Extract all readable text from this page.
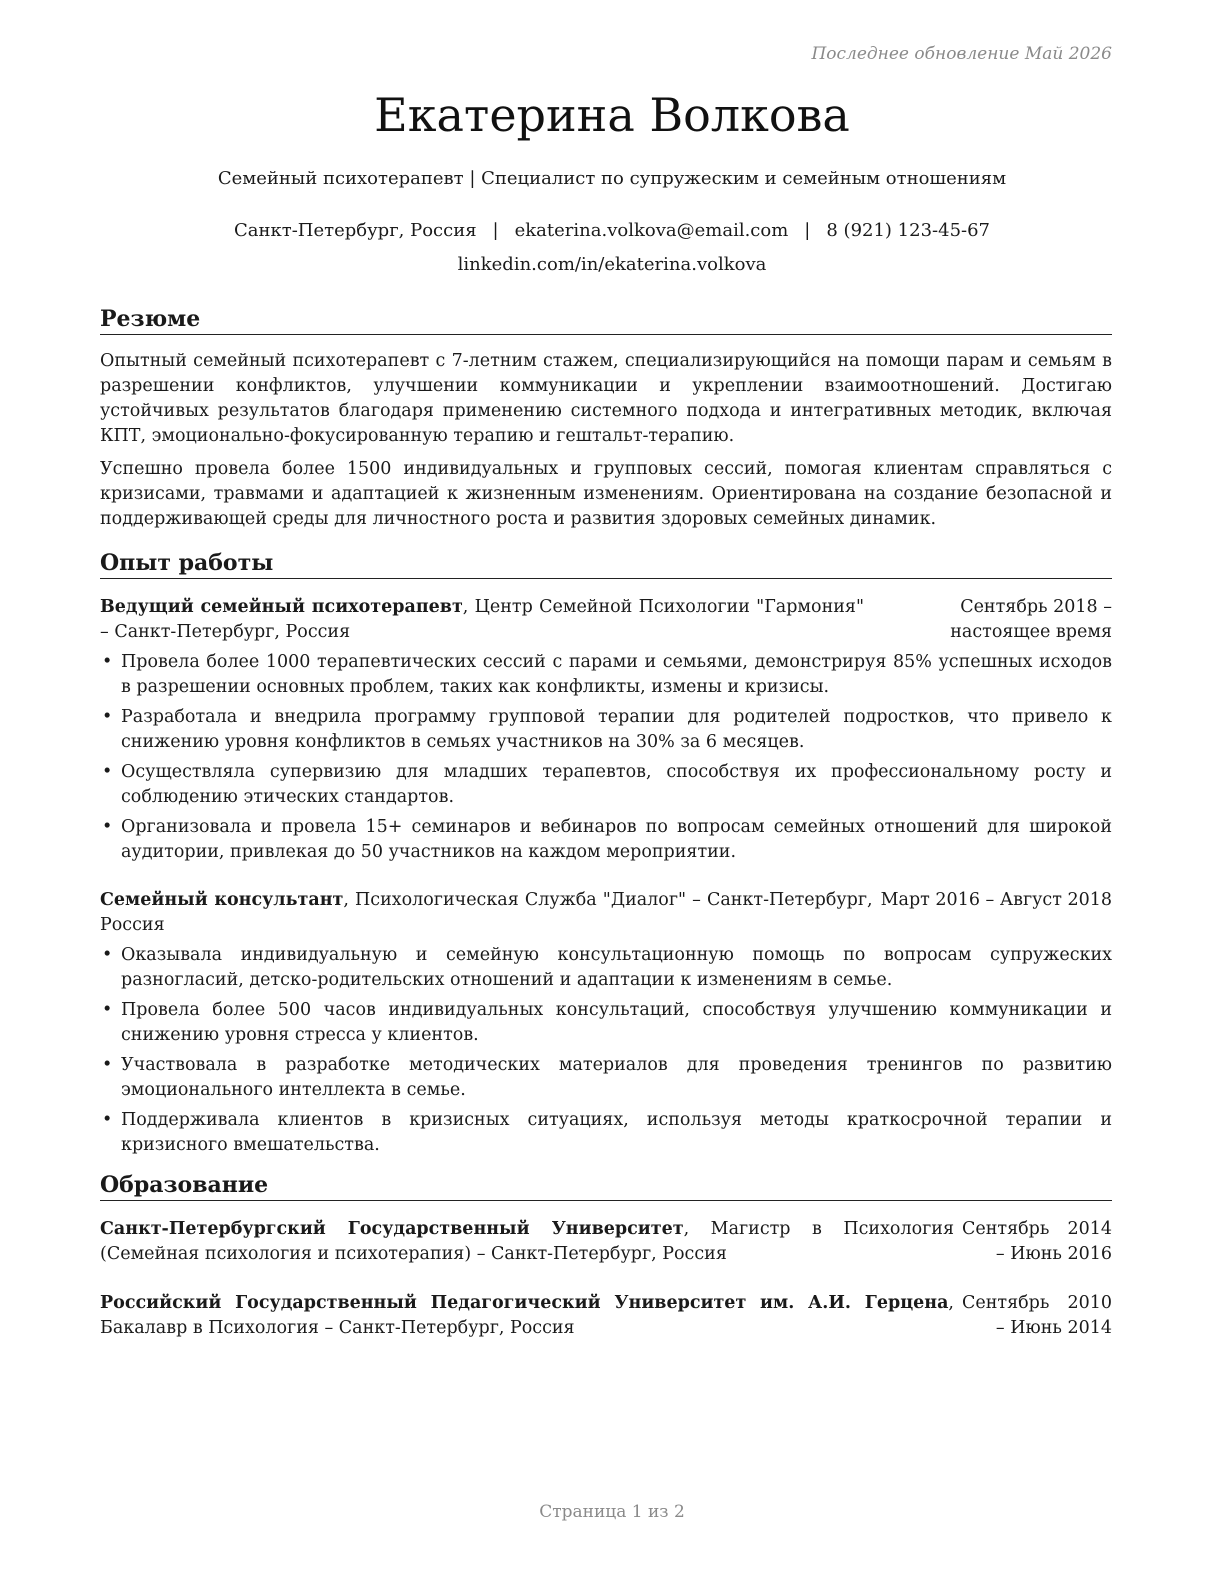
Последнее обновление Май 2026
Екатерина Волкова
Семейный психотерапевт | Специалист по супружеским и семейным отношениям
Санкт-Петербург, Россия | ekaterina.volkova@email.com | 8 (921) 123-45-67
linkedin.com/in/ekaterina.volkova
Резюме

Опытный семейный психотерапевт с 7-летним стажем, специализирующийся на помощи парам и семьям в разрешении конфликтов, улучшении коммуникации и укреплении взаимоотношений. Достигаю устойчивых результатов благодаря применению системного подхода и интегративных методик, включая КПТ, эмоционально-фокусированную терапию и гештальт-терапию.

Успешно провела более 1500 индивидуальных и групповых сессий, помогая клиентам справляться с кризисами, травмами и адаптацией к жизненным изменениям. Ориентирована на создание безопасной и поддерживающей среды для личностного роста и развития здоровых семейных динамик.

Опыт работы
Ведущий семейный психотерапевт, Центр Семейной Психологии "Гармония" – Санкт-Петербург, Россия
Сентябрь 2018 – настоящее время
• Провела более 1000 терапевтических сессий с парами и семьями, демонстрируя 85% успешных исходов в разрешении основных проблем, таких как конфликты, измены и кризисы.
• Разработала и внедрила программу групповой терапии для родителей подростков, что привело к снижению уровня конфликтов в семьях участников на 30% за 6 месяцев.
• Осуществляла супервизию для младших терапевтов, способствуя их профессиональному росту и соблюдению этических стандартов.
• Организовала и провела 15+ семинаров и вебинаров по вопросам семейных отношений для широкой аудитории, привлекая до 50 участников на каждом мероприятии.
Семейный консультант, Психологическая Служба "Диалог" – Санкт-Петербург, Россия
Март 2016 – Август 2018
• Оказывала индивидуальную и семейную консультационную помощь по вопросам супружеских разногласий, детско-родительских отношений и адаптации к изменениям в семье.
• Провела более 500 часов индивидуальных консультаций, способствуя улучшению коммуникации и снижению уровня стресса у клиентов.
• Участвовала в разработке методических материалов для проведения тренингов по развитию эмоционального интеллекта в семье.
• Поддерживала клиентов в кризисных ситуациях, используя методы краткосрочной терапии и кризисного вмешательства.
Образование
Санкт-Петербургский Государственный Университет, Магистр в Психология (Семейная психология и психотерапия) – Санкт-Петербург, Россия
Сентябрь 2014 – Июнь 2016
Российский Государственный Педагогический Университет им. А.И. Герцена, Бакалавр в Психология – Санкт-Петербург, Россия
Сентябрь 2010 – Июнь 2014
Страница 1 из 2
